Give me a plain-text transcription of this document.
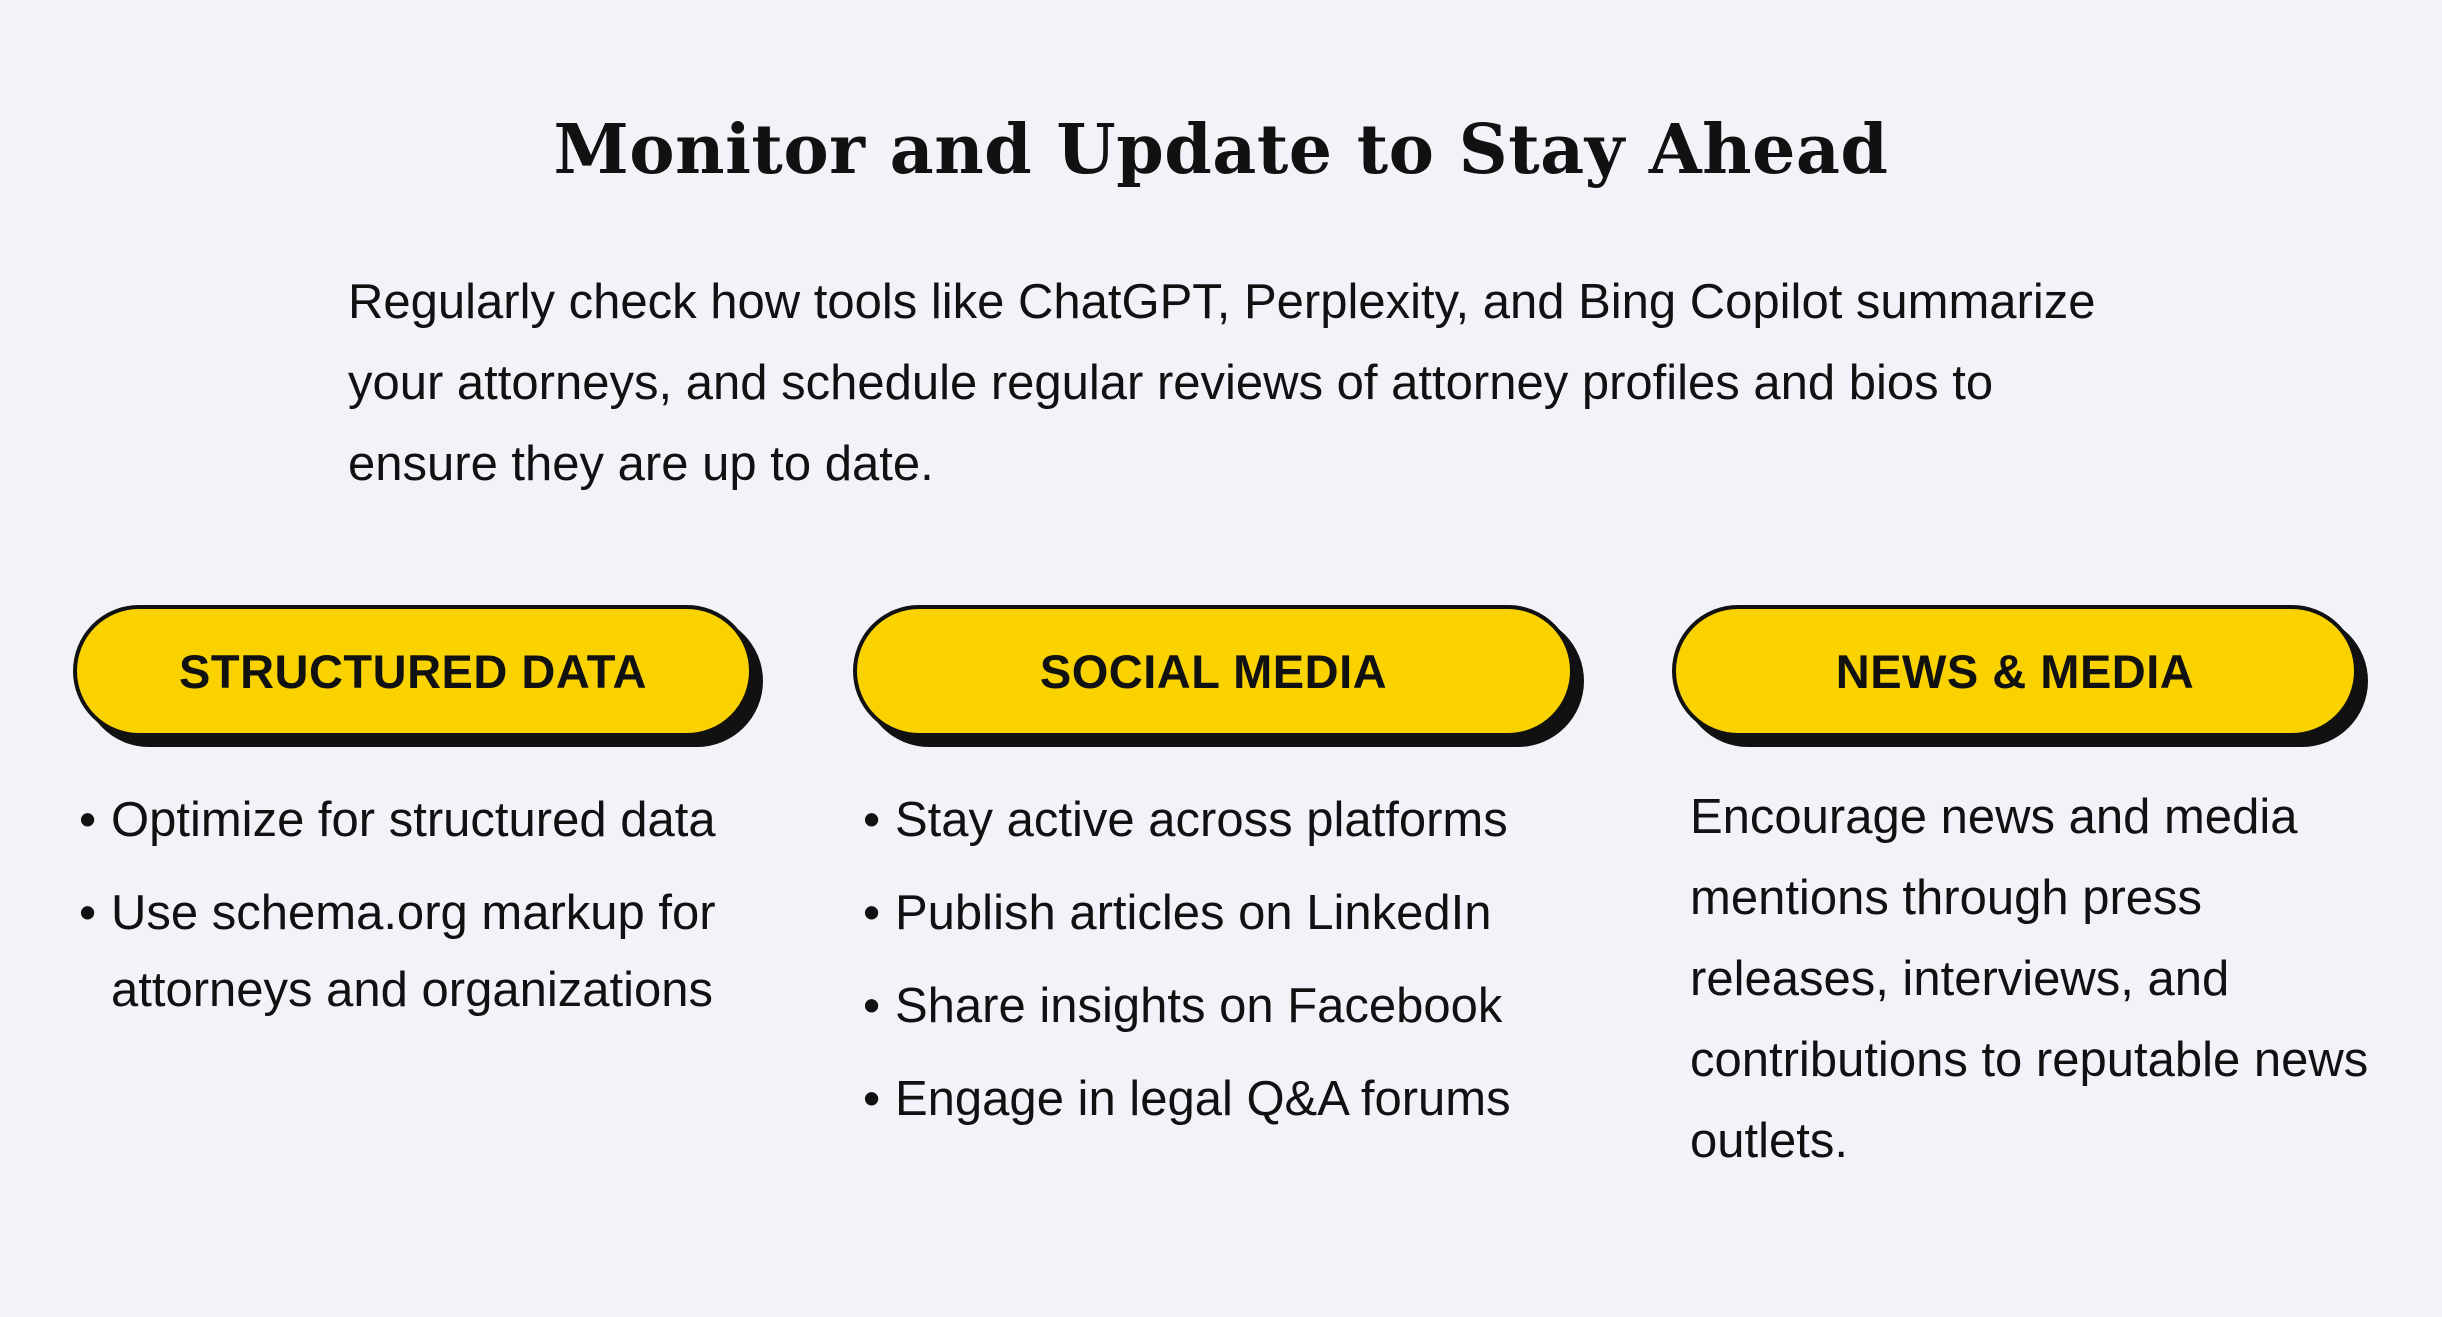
Monitor and Update to Stay Ahead

Regularly check how tools like ChatGPT, Perplexity, and Bing Copilot summarize your attorneys, and schedule regular reviews of attorney profiles and bios to ensure they are up to date.

STRUCTURED DATA
• Optimize for structured data
• Use schema.org markup for attorneys and organizations
SOCIAL MEDIA
• Stay active across platforms
• Publish articles on LinkedIn
• Share insights on Facebook
• Engage in legal Q&A forums
NEWS & MEDIA

Encourage news and media mentions through press releases, interviews, and contributions to reputable news outlets.
